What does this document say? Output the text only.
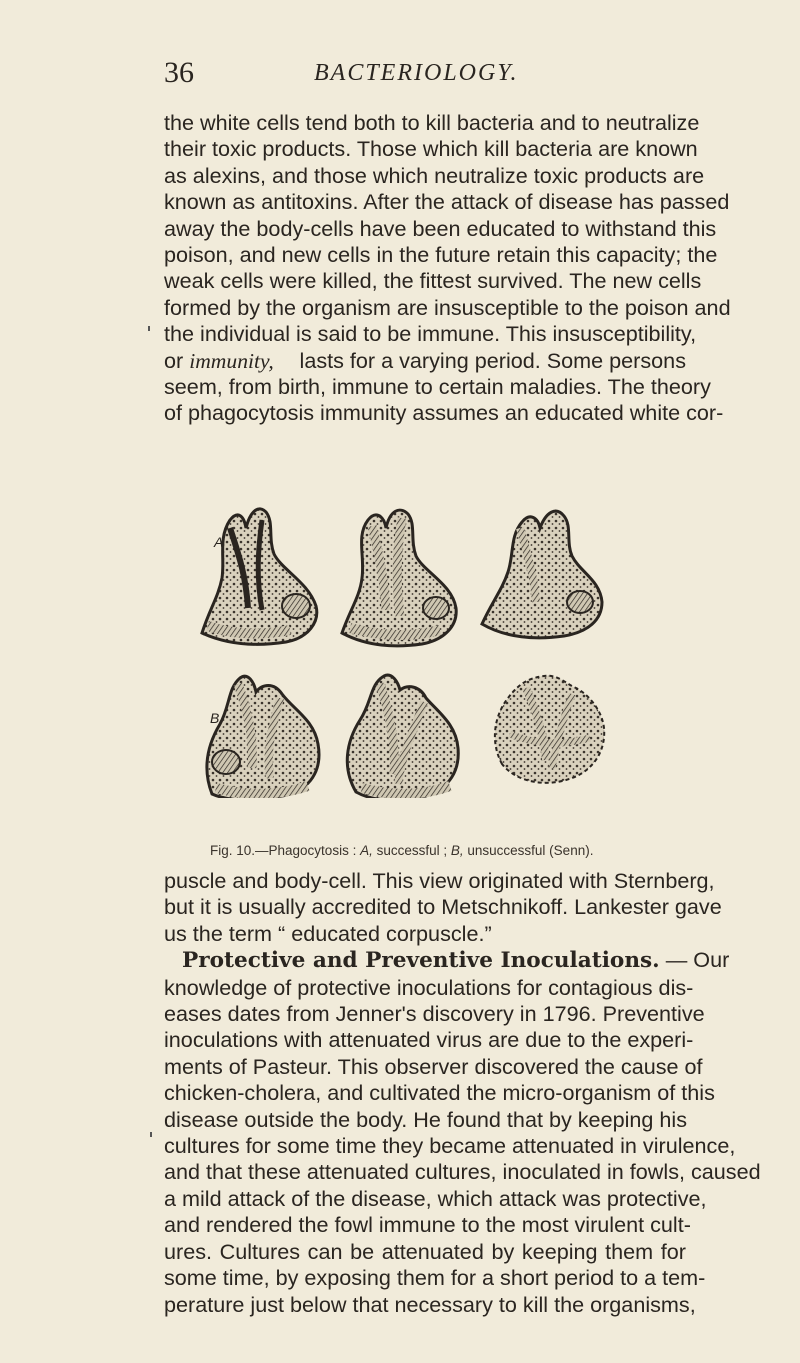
36	BACTERIOLOGY.
the white cells tend both to kill bacteria and to neutralize
their toxic products. Those which kill bacteria are known
as alexins, and those which neutralize toxic products are
known as antitoxins. After the attack of disease has passed
away the body-cells have been educated to withstand this
poison, and new cells in the future retain this capacity; the
weak cells were killed, the fittest survived. The new cells
formed by the organism are insusceptible to the poison and
the individual is said to be immune. This insusceptibility,
or immunity, lasts for a varying period. Some persons
seem, from birth, immune to certain maladies. The theory
of phagocytosis immunity assumes an educated white cor-
A
B
Fig. 10.—Phagocytosis : A, successful ; B, unsuccessful (Senn).
puscle and body-cell. This view originated with Sternberg,
but it is usually accredited to Metschnikoff. Lankester gave
us the term “ educated corpuscle.”
Protective and Preventive Inoculations. — Our
knowledge of protective inoculations for contagious dis-
eases dates from Jenner's discovery in 1796. Preventive
inoculations with attenuated virus are due to the experi-
ments of Pasteur. This observer discovered the cause of
chicken-cholera, and cultivated the micro-organism of this
disease outside the body. He found that by keeping his
cultures for some time they became attenuated in virulence,
and that these attenuated cultures, inoculated in fowls, caused
a mild attack of the disease, which attack was protective,
and rendered the fowl immune to the most virulent cult-
ures. Cultures can be attenuated by keeping them for
some time, by exposing them for a short period to a tem-
perature just below that necessary to kill the organisms,
